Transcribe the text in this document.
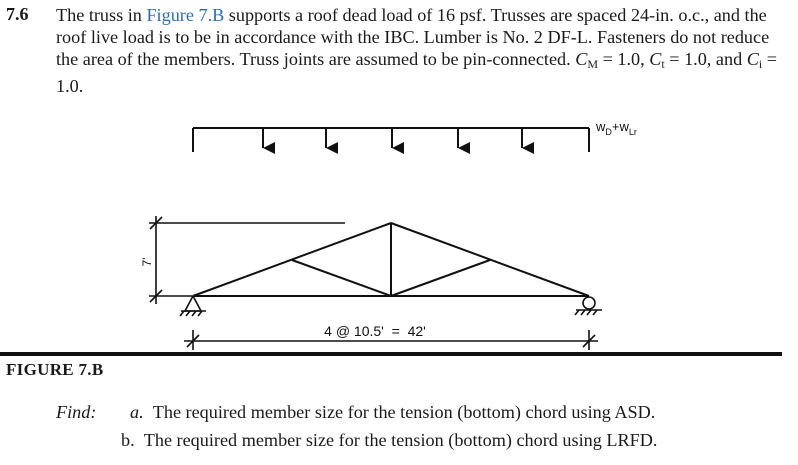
7.6 The truss in Figure 7.B supports a roof dead load of 16 psf. Trusses are spaced 24-in. o.c., and the roof live load is to be in accordance with the IBC. Lumber is No. 2 DF-L. Fasteners do not reduce the area of the members. Truss joints are assumed to be pin-connected. $C_M = 1.0$, $C_t = 1.0$, and $C_i = 1.0$.
$w_D+w_{Lr}$
7'
4 @ 10.5'  =  42'
FIGURE 7.B
Find: a. The required member size for the tension (bottom) chord using ASD.
b. The required member size for the tension (bottom) chord using LRFD.
